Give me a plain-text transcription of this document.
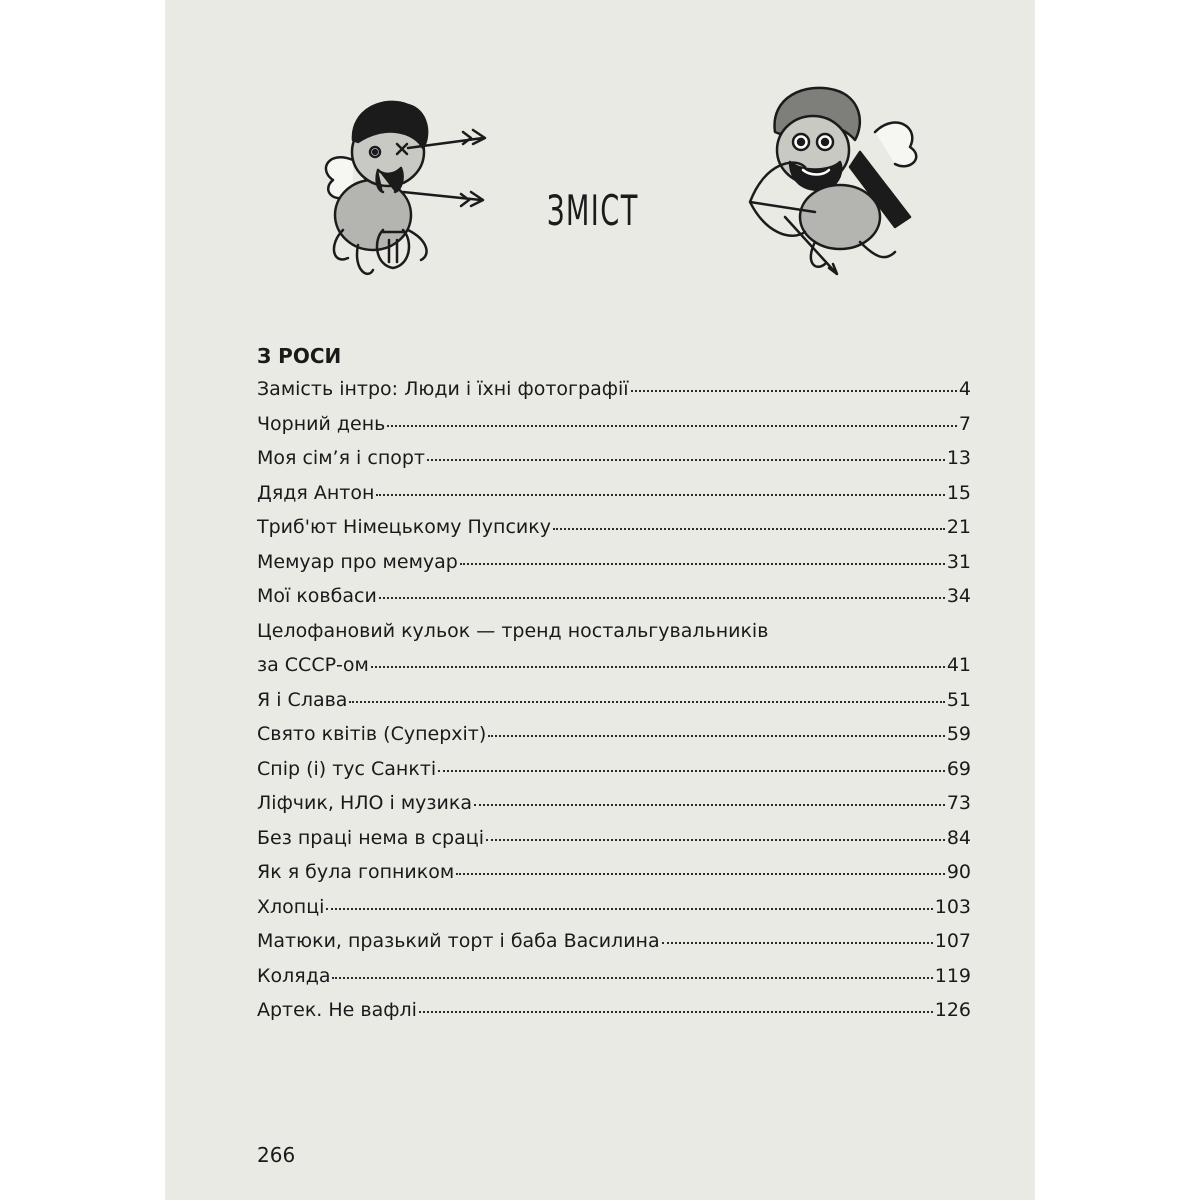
ЗМІСТ
З РОСИ
Замість інтро: Люди і їхні фотографії	4
Чорний день	7
Моя сім’я і спорт	13
Дядя Антон	15
Триб'ют Німецькому Пупсику	21
Мемуар про мемуар	31
Мої ковбаси	34
Целофановий кульок — тренд ностальгувальників
за СССР-ом	41
Я і Слава	51
Свято квітів (Суперхіт)	59
Спір (і) тус Санкті	69
Ліфчик, НЛО і музика	73
Без праці нема в сраці	84
Як я була гопником	90
Хлопці	103
Матюки, празький торт і баба Василина	107
Коляда	119
Артек. Не вафлі	126
266
